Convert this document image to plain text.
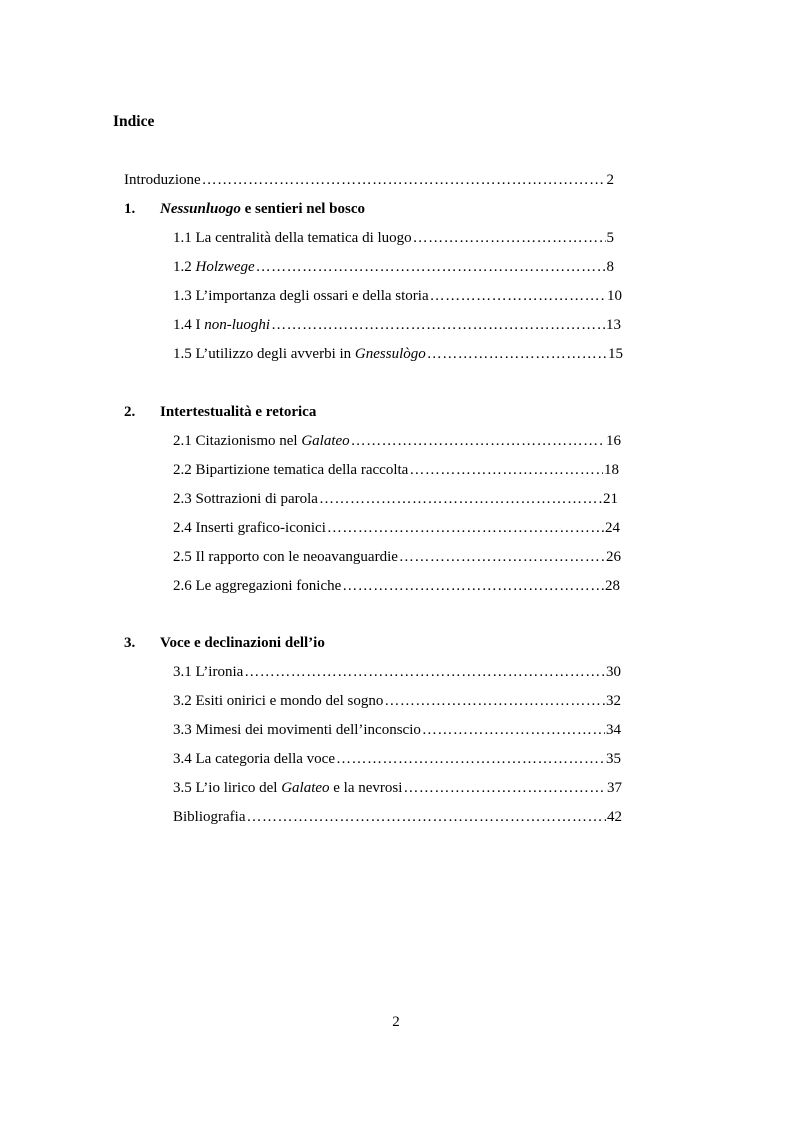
Indice
Introduzione ……………………………………………………………………………………………………………………………………………………………………………………	2
1.	Nessunluogo e sentieri nel bosco
1.1 La centralità della tematica di luogo ……………………………………………………………………………………………………………………………………………………………………………………	5
1.2 Holzwege ……………………………………………………………………………………………………………………………………………………………………………………	8
1.3 L’importanza degli ossari e della storia ……………………………………………………………………………………………………………………………………………………………………………………	10
1.4 I non-luoghi ……………………………………………………………………………………………………………………………………………………………………………………	13
1.5 L’utilizzo degli avverbi in Gnessulògo ……………………………………………………………………………………………………………………………………………………………………………………	15
2.	Intertestualità e retorica
2.1 Citazionismo nel Galateo ……………………………………………………………………………………………………………………………………………………………………………………	16
2.2 Bipartizione tematica della raccolta ……………………………………………………………………………………………………………………………………………………………………………………	18
2.3 Sottrazioni di parola ……………………………………………………………………………………………………………………………………………………………………………………	21
2.4 Inserti grafico-iconici ……………………………………………………………………………………………………………………………………………………………………………………	24
2.5 Il rapporto con le neoavanguardie ……………………………………………………………………………………………………………………………………………………………………………………	26
2.6 Le aggregazioni foniche ……………………………………………………………………………………………………………………………………………………………………………………	28
3.	Voce e declinazioni dell’io
3.1 L’ironia ……………………………………………………………………………………………………………………………………………………………………………………	30
3.2 Esiti onirici e mondo del sogno ……………………………………………………………………………………………………………………………………………………………………………………	32
3.3 Mimesi dei movimenti dell’inconscio ……………………………………………………………………………………………………………………………………………………………………………………	34
3.4 La categoria della voce ……………………………………………………………………………………………………………………………………………………………………………………	35
3.5 L’io lirico del Galateo e la nevrosi ……………………………………………………………………………………………………………………………………………………………………………………	37
Bibliografia ……………………………………………………………………………………………………………………………………………………………………………………	42
2
